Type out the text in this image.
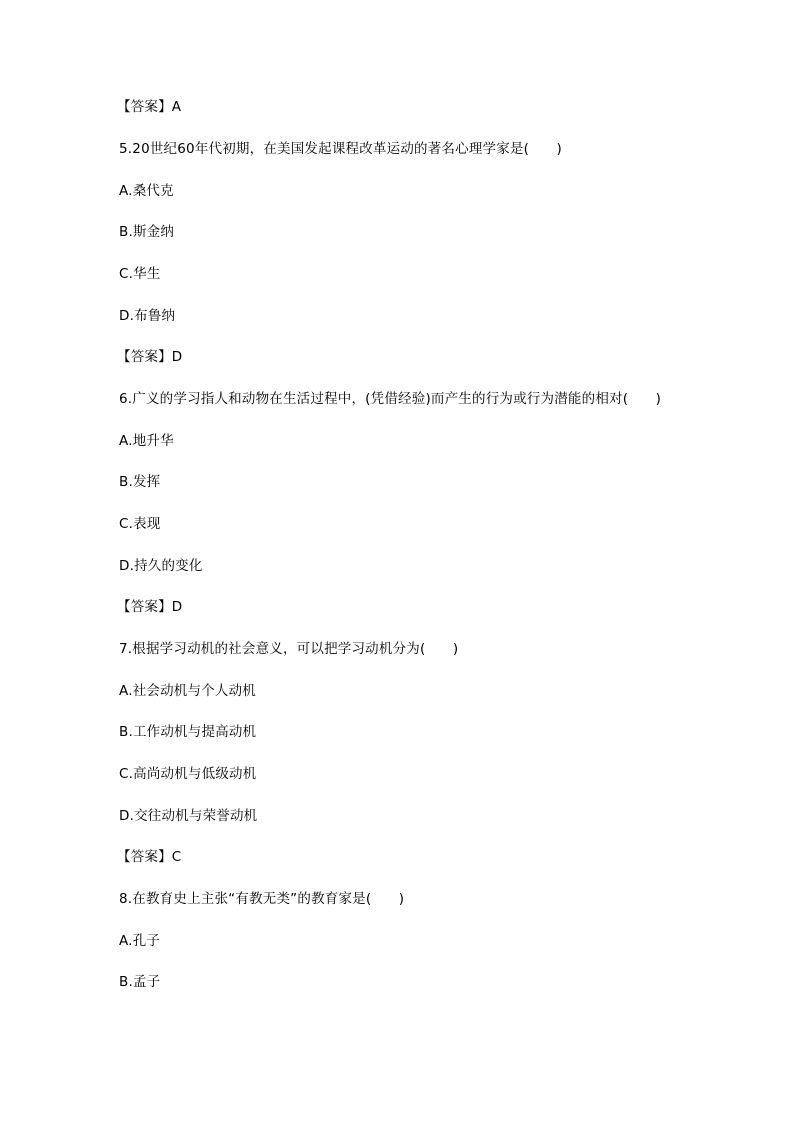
【答案】A
5.20世纪60年代初期，在美国发起课程改革运动的著名心理学家是(　　)
A.桑代克
B.斯金纳
C.华生
D.布鲁纳
【答案】D
6.广义的学习指人和动物在生活过程中，(凭借经验)而产生的行为或行为潜能的相对(　　)
A.地升华
B.发挥
C.表现
D.持久的变化
【答案】D
7.根据学习动机的社会意义，可以把学习动机分为(　　)
A.社会动机与个人动机
B.工作动机与提高动机
C.高尚动机与低级动机
D.交往动机与荣誉动机
【答案】C
8.在教育史上主张“有教无类”的教育家是(　　)
A.孔子
B.孟子
